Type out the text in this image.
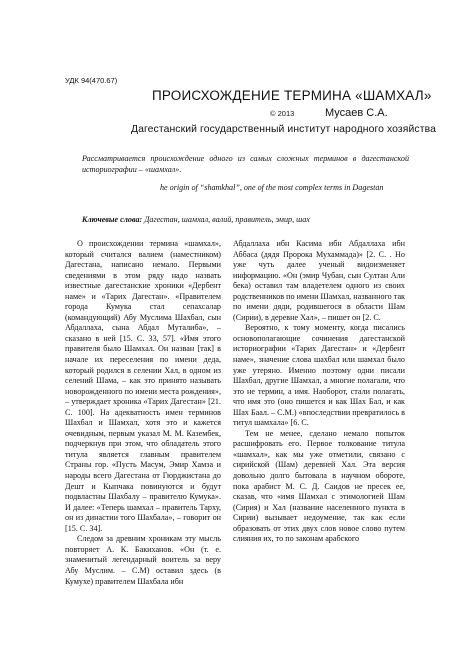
УДК 94(470.67)
ПРОИСХОЖДЕНИЕ ТЕРМИНА «ШАМХАЛ»
© 2013	Мусаев С.А.
Дагестанский государственный институт народного хозяйства
Рассматривается происхождение одного из самых сложных терминов в дагестанской историографии – «шамхал».
he origin of “shamkhal”, one of the most complex terms in Dagestan
Ключевые слова: Дагестан, шамхал, валий, правитель, эмир, шах

О происхождении термина «шамхал», который считался валием (наместником) Дагестана, написано немало. Первыми сведениями в этом ряду надо назвать известные дагестанские хроники «Дербент наме» и «Тарих Дагестан». «Правителем города Кумука стал сепахсалар (командующий) Абу Муслима Шахбал, сын Абдаллаха, сына Абдал Муталиба», – сказано в ней [15. С. 33, 57]. «Имя этого правителя было Шамхал. Он назван [так] в начале их переселения по имени деда, который родился в селении Хал, в одном из селений Шама, – как это принято называть новорожденного по имени места рождения», – утверждает хроника «Тарих Дагестан» [21. С. 100]. На адекватность имен терминов Шахбал и Шамхал, хотя это и кажется очевидным, первым указал М. М. Казембек, подчеркнув при этом, что обладатель этого титула является главным правителем Страны гор. «Пусть Масум, Эмир Хамза и народы всего Дагестана от Гюрджистана до Дешт и Кыпчака повинуются и будут подвластны Шахбалу – правителю Кумука». И далее: «Теперь шамхал – правитель Тарху, он из династии того Шахбала», – говорит он [15. С. 34].

Следом за древним хроникам эту мысль повторяет А. К. Бакиханов. «Он (т. е. знаменитый легендарный воитель за веру Абу Муслим. – С.М) оставил здесь (в Кумухе) правителем Шахбала ибн

Абдаллаха ибн Касима ибн Абдаллаха ибн Аббаса (дядя Пророка Мухаммада)» [2. С. . Но уже чуть далее ученый видоизменяет информацию. «Он (эмир Чубан, сын Султан Али бека) оставил там владетелем одного из своих родственников по имени Шамхал, названного так по имени дяди, родившегося в области Шам (Сирии), в деревне Хал», – пишет он [2. С.

Вероятно, к тому моменту, когда писались основополагающие сочинения дагестанской историографии «Тарих Дагестан» и «Дербент наме», значение слова шахбал или шамхал было уже утеряно. Именно поэтому одни писали Шахбал, другие Шамхал, а многие полагали, что это не термин, а имя. Наоборот, стали полагать, что имя это (оно пишется и как Шах Бал, и как Шах Баал. – С.М.) «впоследствии превратилось в титул шамхала» [6. С.

Тем не менее, сделано немало попыток расшифровать его. Первое толкование титула «шамхал», как мы уже отметили, связано с сирийской (Шам) деревней Хал. Эта версия довольно долго бытовала в научном обороте, пока арабист М. С. Д. Саидов не пресек ее, сказав, что «имя Шамхал с этимологией Шам (Сирия) и Хал (название населенного пункта в Сирии) вызывает недоумение, так как если образовать от этих двух слов новое слово путем слияния их, то по законам арабского
